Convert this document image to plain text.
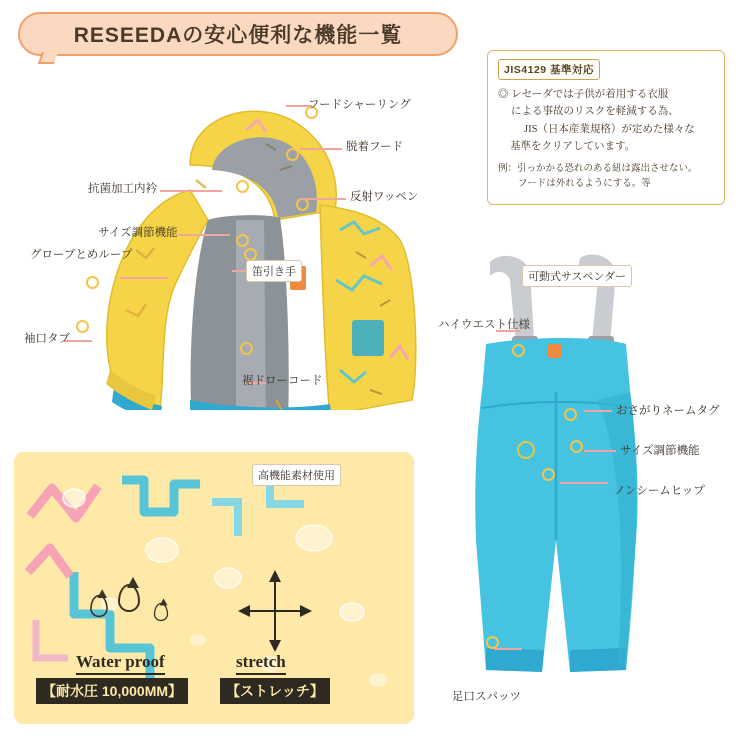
RESEEDAの安心便利な機能一覧
JIS4129 基準対応
◎ レセーダでは子供が着用する衣服
による事故のリスクを軽減する為、
JIS（日本産業規格）が定めた様々な
基準をクリアしています。
例：引っかかる恐れのある紐は露出させない。
フードは外れるようにする。等
フードシャーリング
脱着フード
抗菌加工内衿
反射ワッペン
サイズ調節機能
グローブとめループ
笛引き手
袖口タブ
裾ドローコード
可動式サスペンダー
ハイウエスト仕様
おさがりネームタグ
サイズ調節機能
ノンシームヒップ
足口スパッツ
高機能素材使用
Water proof
【耐水圧 10,000MM】
stretch
【ストレッチ】
